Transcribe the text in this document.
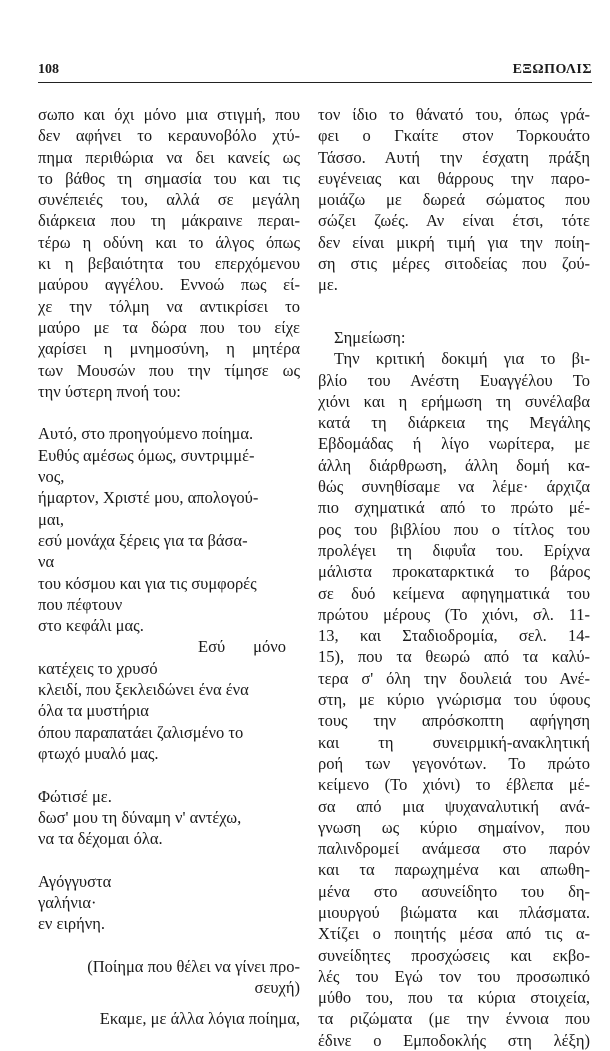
108	ΕΞΩΠΟΛΙΣ
σωπο και όχι μόνο μια στιγμή, που
δεν αφήνει το κεραυνοβόλο χτύ-
πημα περιθώρια να δει κανείς ως
το βάθος τη σημασία του και τις
συνέπειές του, αλλά σε μεγάλη
διάρκεια που τη μάκραινε περαι-
τέρω η οδύνη και το άλγος όπως
κι η βεβαιότητα του επερχόμενου
μαύρου αγγέλου. Εννοώ πως εί-
χε την τόλμη να αντικρίσει το
μαύρο με τα δώρα που του είχε
χαρίσει η μνημοσύνη, η μητέρα
των Μουσών που την τίμησε ως
την ύστερη πνοή του:
Αυτό, στο προηγούμενο ποίημα.
Ευθύς αμέσως όμως, συντριμμέ-
νος,
ήμαρτον, Χριστέ μου, απολογού-
μαι,
εσύ μονάχα ξέρεις για τα βάσα-
να
του κόσμου και για τις συμφορές
που πέφτουν
στο κεφάλι μας.
Εσύ μόνο
κατέχεις το χρυσό
κλειδί, που ξεκλειδώνει ένα ένα
όλα τα μυστήρια
όπου παραπατάει ζαλισμένο το
φτωχό μυαλό μας.
Φώτισέ με.
δωσ' μου τη δύναμη ν' αντέχω,
να τα δέχομαι όλα.
Αγόγγυστα
γαλήνια·
εν ειρήνη.
(Ποίημα που θέλει να γίνει προ-
σευχή)
Εκαμε, με άλλα λόγια ποίημα,
τον ίδιο το θάνατό του, όπως γρά-
φει ο Γκαίτε στον Τορκουάτο
Τάσσο. Αυτή την έσχατη πράξη
ευγένειας και θάρρους την παρο-
μοιάζω με δωρεά σώματος που
σώζει ζωές. Αν είναι έτσι, τότε
δεν είναι μικρή τιμή για την ποίη-
ση στις μέρες σιτοδείας που ζού-
με.
Σημείωση:
Την κριτική δοκιμή για το βι-
βλίο του Ανέστη Ευαγγέλου Το
χιόνι και η ερήμωση τη συνέλαβα
κατά τη διάρκεια της Μεγάλης
Εβδομάδας ή λίγο νωρίτερα, με
άλλη διάρθρωση, άλλη δομή κα-
θώς συνηθίσαμε να λέμε· άρχιζα
πιο σχηματικά από το πρώτο μέ-
ρος του βιβλίου που ο τίτλος του
προλέγει τη διφυΐα του. Ερίχνα
μάλιστα προκαταρκτικά το βάρος
σε δυό κείμενα αφηγηματικά του
πρώτου μέρους (Το χιόνι, σλ. 11-
13, και Σταδιοδρομία, σελ. 14-
15), που τα θεωρώ από τα καλύ-
τερα σ' όλη την δουλειά του Ανέ-
στη, με κύριο γνώρισμα του ύφους
τους την απρόσκοπτη αφήγηση
και τη συνειρμική-ανακλητική
ροή των γεγονότων. Το πρώτο
κείμενο (Το χιόνι) το έβλεπα μέ-
σα από μια ψυχαναλυτική ανά-
γνωση ως κύριο σημαίνον, που
παλινδρομεί ανάμεσα στο παρόν
και τα παρωχημένα και απωθη-
μένα στο ασυνείδητο του δη-
μιουργού βιώματα και πλάσματα.
Χτίζει ο ποιητής μέσα από τις α-
συνείδητες προσχώσεις και εκβο-
λές του Εγώ τον του προσωπικό
μύθο του, που τα κύρια στοιχεία,
τα ριζώματα (με την έννοια που
έδινε ο Εμποδοκλής στη λέξη)
